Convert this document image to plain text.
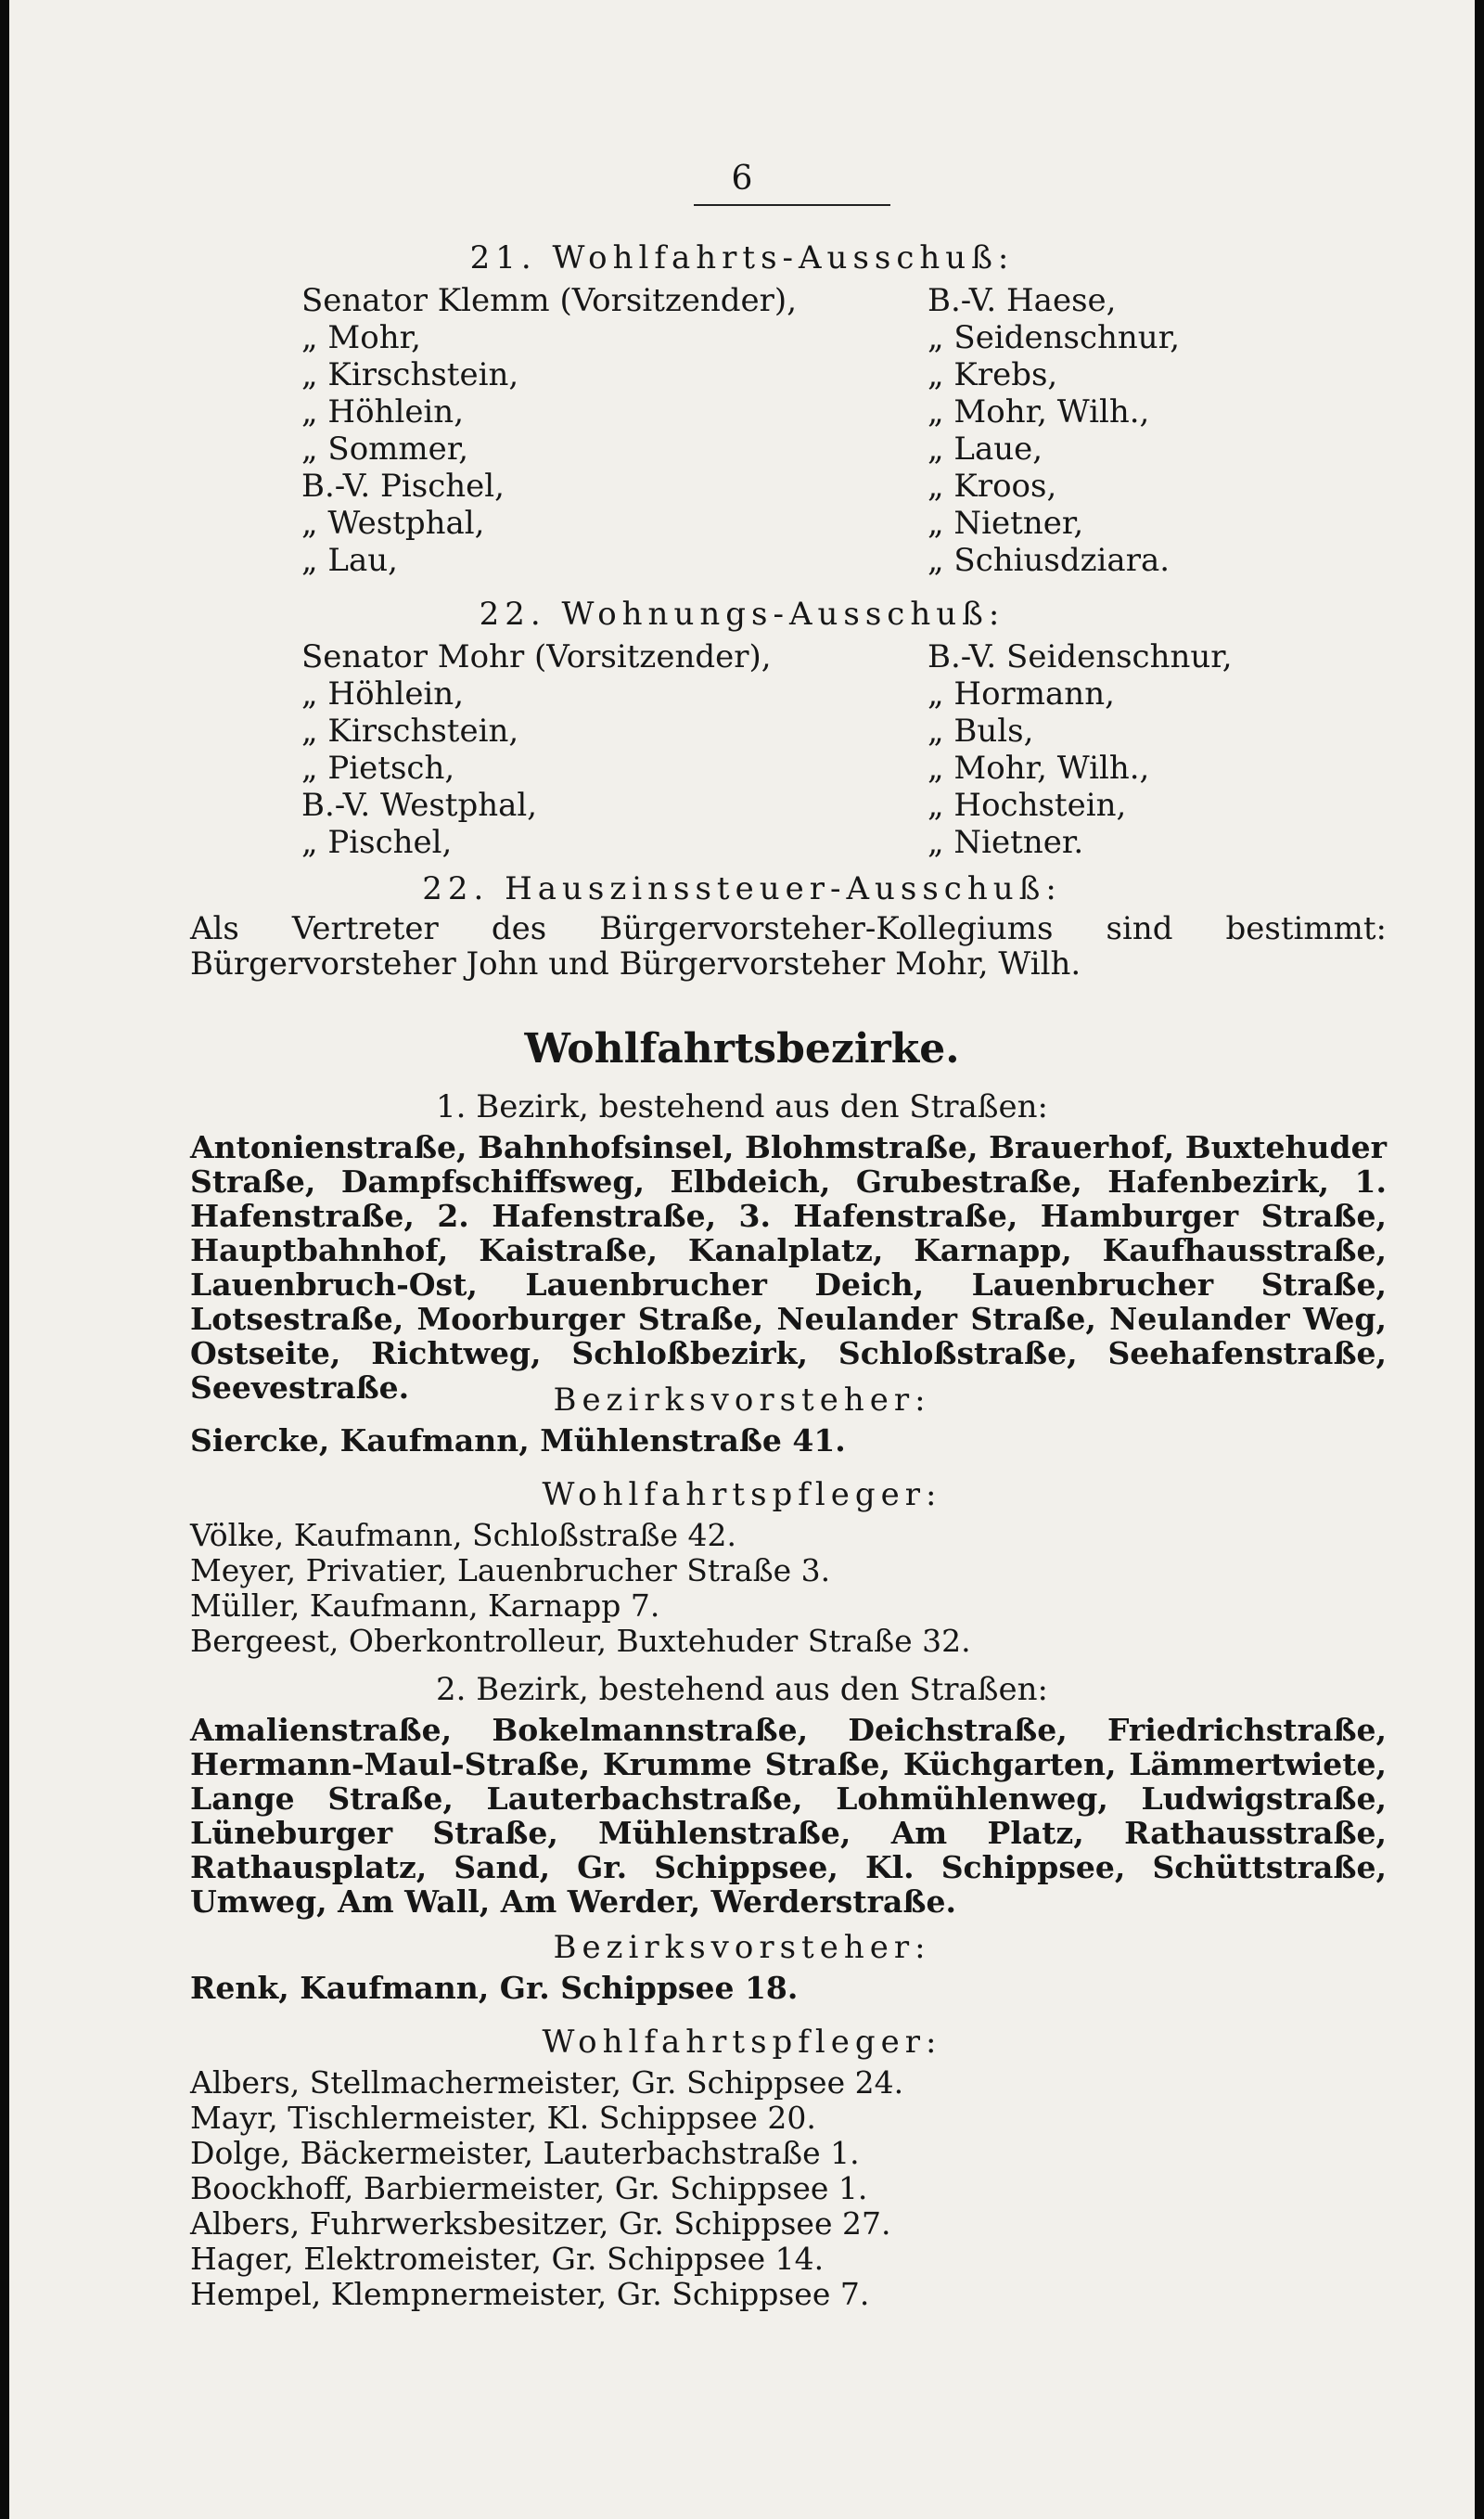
6
21. Wohlfahrts-Ausschuß:
Senator Klemm (Vorsitzender),
„ Mohr,
„ Kirschstein,
„ Höhlein,
„ Sommer,
B.-V. Pischel,
„ Westphal,
„ Lau,
B.-V. Haese,
„ Seidenschnur,
„ Krebs,
„ Mohr, Wilh.,
„ Laue,
„ Kroos,
„ Nietner,
„ Schiusdziara.
22. Wohnungs-Ausschuß:
Senator Mohr (Vorsitzender),
„ Höhlein,
„ Kirschstein,
„ Pietsch,
B.-V. Westphal,
„ Pischel,
B.-V. Seidenschnur,
„ Hormann,
„ Buls,
„ Mohr, Wilh.,
„ Hochstein,
„ Nietner.
22. Hauszinssteuer-Ausschuß:
Als Vertreter des Bürgervorsteher-Kollegiums sind bestimmt: Bürgervorsteher John und Bürgervorsteher Mohr, Wilh.
Wohlfahrtsbezirke.
1. Bezirk, bestehend aus den Straßen:
Antonienstraße, Bahnhofsinsel, Blohmstraße, Brauerhof, Buxtehuder Straße, Dampfschiffsweg, Elbdeich, Grubestraße, Hafenbezirk, 1. Hafenstraße, 2. Hafenstraße, 3. Hafenstraße, Hamburger Straße, Hauptbahnhof, Kaistraße, Kanalplatz, Karnapp, Kaufhausstraße, Lauenbruch-Ost, Lauenbrucher Deich, Lauenbrucher Straße, Lotsestraße, Moorburger Straße, Neulander Straße, Neulander Weg, Ostseite, Richtweg, Schloßbezirk, Schloßstraße, Seehafenstraße, Seevestraße.	Bezirksvorsteher:
Siercke, Kaufmann, Mühlenstraße 41.
Wohlfahrtspfleger:
Völke, Kaufmann, Schloßstraße 42.
Meyer, Privatier, Lauenbrucher Straße 3.
Müller, Kaufmann, Karnapp 7.
Bergeest, Oberkontrolleur, Buxtehuder Straße 32.
2. Bezirk, bestehend aus den Straßen:
Amalienstraße, Bokelmannstraße, Deichstraße, Friedrichstraße, Hermann-Maul-Straße, Krumme Straße, Küchgarten, Lämmertwiete, Lange Straße, Lauterbachstraße, Lohmühlenweg, Ludwigstraße, Lüneburger Straße, Mühlenstraße, Am Platz, Rathausstraße, Rathausplatz, Sand, Gr. Schippsee, Kl. Schippsee, Schüttstraße, Umweg, Am Wall, Am Werder, Werderstraße.
Bezirksvorsteher:
Renk, Kaufmann, Gr. Schippsee 18.
Wohlfahrtspfleger:
Albers, Stellmachermeister, Gr. Schippsee 24.
Mayr, Tischlermeister, Kl. Schippsee 20.
Dolge, Bäckermeister, Lauterbachstraße 1.
Boockhoff, Barbiermeister, Gr. Schippsee 1.
Albers, Fuhrwerksbesitzer, Gr. Schippsee 27.
Hager, Elektromeister, Gr. Schippsee 14.
Hempel, Klempnermeister, Gr. Schippsee 7.
